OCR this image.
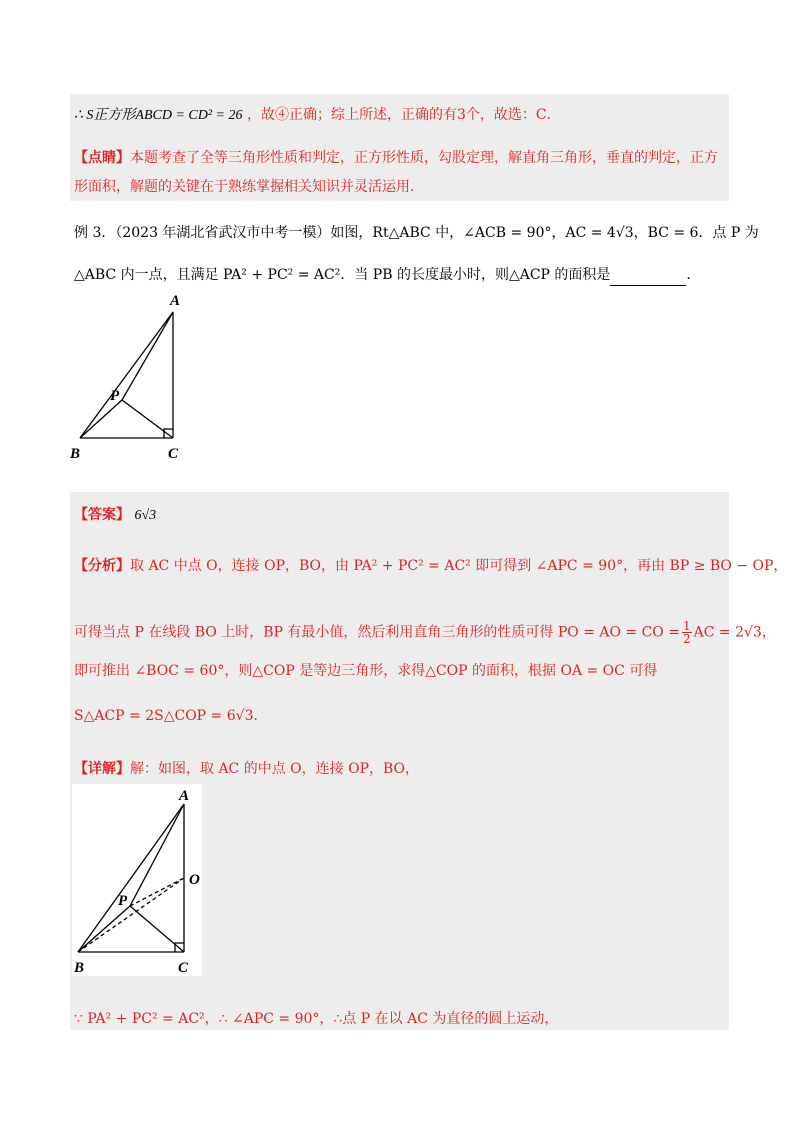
∴ S正方形ABCD = CD² = 26 ，故④正确；综上所述，正确的有3个，故选：C．
【点睛】本题考查了全等三角形性质和判定，正方形性质，勾股定理，解直角三角形，垂直的判定，正方
形面积，解题的关键在于熟练掌握相关知识并灵活运用．
例 3．（2023 年湖北省武汉市中考一模）如图，Rt△ABC 中，∠ACB = 90°，AC = 4√3，BC = 6．点 P 为
△ABC 内一点，且满足 PA² + PC² = AC²．当 PB 的长度最小时，则△ACP 的面积是	．
A
B	C
P
【答案】 6√3
【分析】取 AC 中点 O，连接 OP，BO，由 PA² + PC² = AC² 即可得到 ∠APC = 90°，再由 BP ≥ BO − OP，
可得当点 P 在线段 BO 上时，BP 有最小值，然后利用直角三角形的性质可得 PO = AO = CO = $\frac{1}{2}$ AC = 2√3，
即可推出 ∠BOC = 60°，则△COP 是等边三角形，求得△COP 的面积，根据 OA = OC 可得
S△ACP = 2S△COP = 6√3．
【详解】解：如图，取 AC 的中点 O，连接 OP，BO，
A
B	C
P
O
∵ PA² + PC² = AC²，∴ ∠APC = 90°，∴点 P 在以 AC 为直径的圆上运动，
